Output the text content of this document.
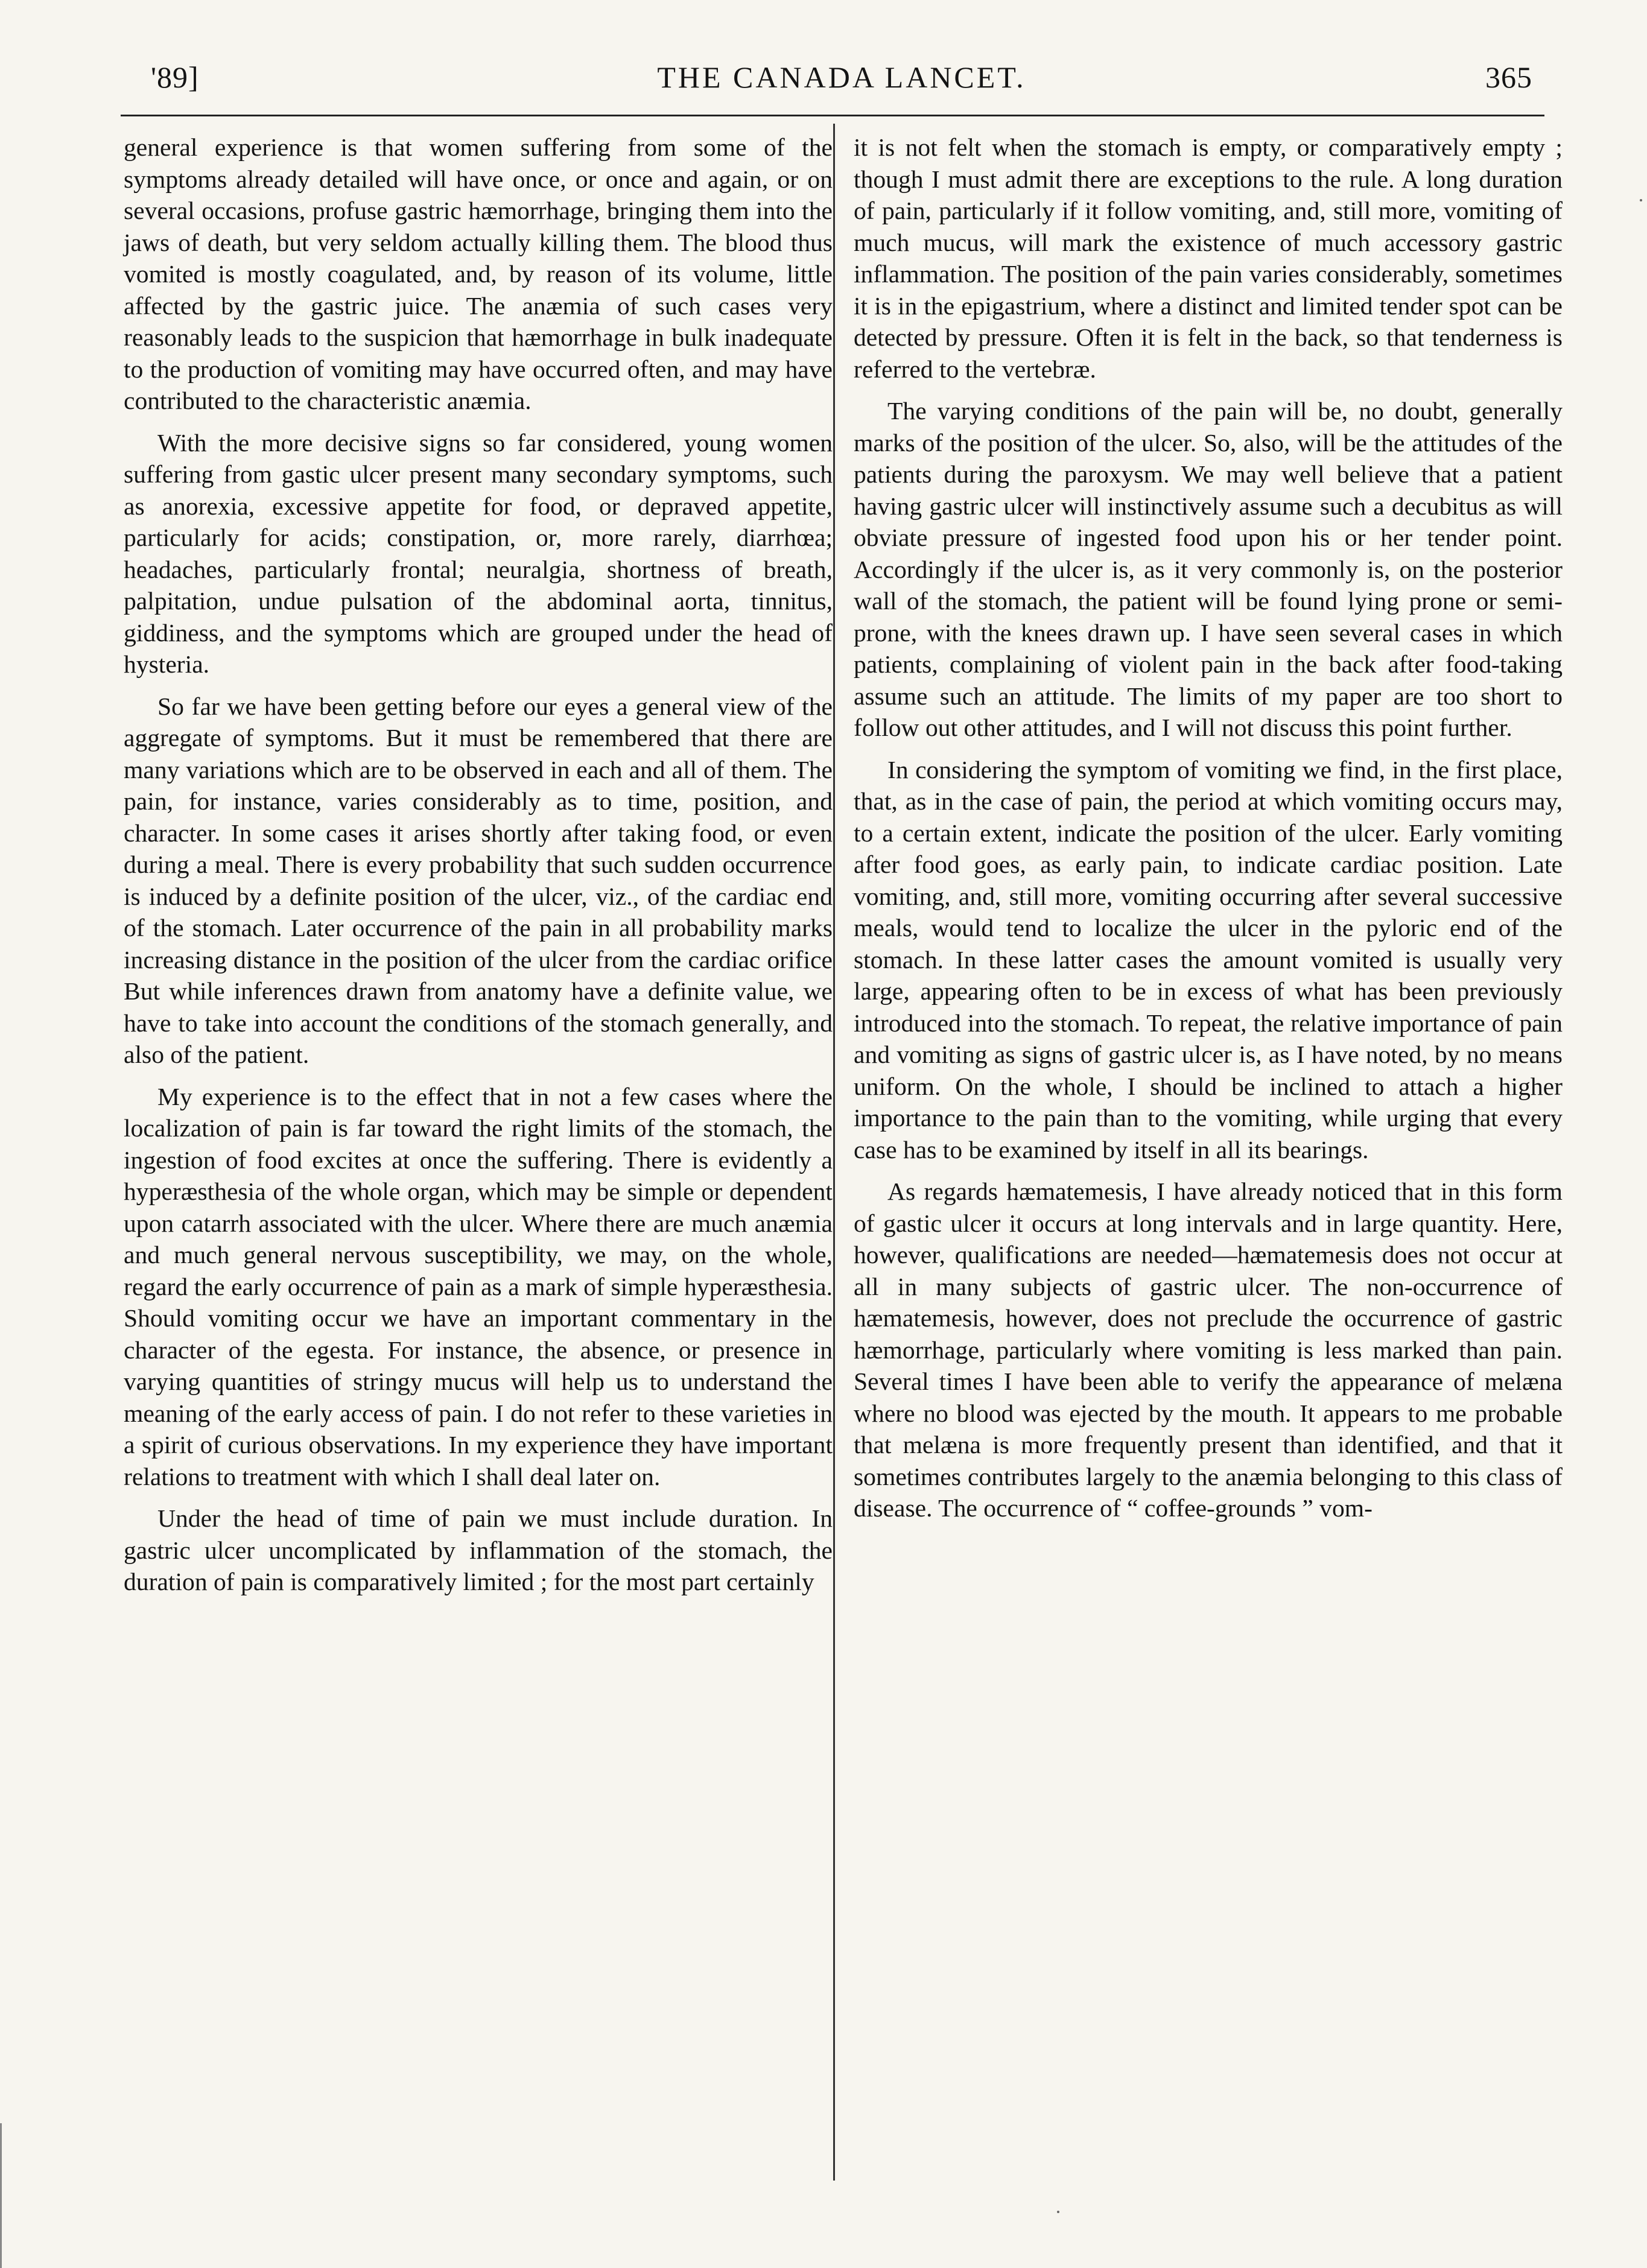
'89]	THE CANADA LANCET.	365

general experience is that women suffering from some of the symptoms already detailed will have once, or once and again, or on several occasions, profuse gastric hæmorrhage, bringing them into the jaws of death, but very seldom actually killing them. The blood thus vomited is mostly coagulated, and, by reason of its volume, little affected by the gastric juice. The anæmia of such cases very reasonably leads to the suspicion that hæmorrhage in bulk inadequate to the production of vomiting may have occurred often, and may have contributed to the characteristic anæmia.

With the more decisive signs so far considered, young women suffering from gastic ulcer present many secondary symptoms, such as anorexia, excessive appetite for food, or depraved appetite, particularly for acids; constipation, or, more rarely, diarrhœa; headaches, particularly frontal; neuralgia, shortness of breath, palpitation, undue pulsation of the abdominal aorta, tinnitus, giddiness, and the symptoms which are grouped under the head of hysteria.

So far we have been getting before our eyes a general view of the aggregate of symptoms. But it must be remembered that there are many variations which are to be observed in each and all of them. The pain, for instance, varies considerably as to time, position, and character. In some cases it arises shortly after taking food, or even during a meal. There is every probability that such sudden occurrence is induced by a definite position of the ulcer, viz., of the cardiac end of the stomach. Later occurrence of the pain in all probability marks increasing distance in the position of the ulcer from the cardiac orifice But while inferences drawn from anatomy have a definite value, we have to take into account the conditions of the stomach generally, and also of the patient.

My experience is to the effect that in not a few cases where the localization of pain is far toward the right limits of the stomach, the ingestion of food excites at once the suffering. There is evidently a hyperæsthesia of the whole organ, which may be simple or dependent upon catarrh associated with the ulcer. Where there are much anæmia and much general nervous susceptibility, we may, on the whole, regard the early occurrence of pain as a mark of simple hyperæsthesia. Should vomiting occur we have an important commentary in the character of the egesta. For instance, the absence, or presence in varying quantities of stringy mucus will help us to understand the meaning of the early access of pain. I do not refer to these varieties in a spirit of curious observations. In my experience they have important relations to treatment with which I shall deal later on.

Under the head of time of pain we must include duration. In gastric ulcer uncomplicated by inflammation of the stomach, the duration of pain is comparatively limited ; for the most part certainly

it is not felt when the stomach is empty, or comparatively empty ; though I must admit there are exceptions to the rule. A long duration of pain, particularly if it follow vomiting, and, still more, vomiting of much mucus, will mark the existence of much accessory gastric inflammation. The position of the pain varies considerably, sometimes it is in the epigastrium, where a distinct and limited tender spot can be detected by pressure. Often it is felt in the back, so that tenderness is referred to the vertebræ.

The varying conditions of the pain will be, no doubt, generally marks of the position of the ulcer. So, also, will be the attitudes of the patients during the paroxysm. We may well believe that a patient having gastric ulcer will instinctively assume such a decubitus as will obviate pressure of ingested food upon his or her tender point. Accordingly if the ulcer is, as it very commonly is, on the posterior wall of the stomach, the patient will be found lying prone or semi-prone, with the knees drawn up. I have seen several cases in which patients, complaining of violent pain in the back after food-taking assume such an attitude. The limits of my paper are too short to follow out other attitudes, and I will not discuss this point further.

In considering the symptom of vomiting we find, in the first place, that, as in the case of pain, the period at which vomiting occurs may, to a certain extent, indicate the position of the ulcer. Early vomiting after food goes, as early pain, to indicate cardiac position. Late vomiting, and, still more, vomiting occurring after several successive meals, would tend to localize the ulcer in the pyloric end of the stomach. In these latter cases the amount vomited is usually very large, appearing often to be in excess of what has been previously introduced into the stomach. To repeat, the relative importance of pain and vomiting as signs of gastric ulcer is, as I have noted, by no means uniform. On the whole, I should be inclined to attach a higher importance to the pain than to the vomiting, while urging that every case has to be examined by itself in all its bearings.

As regards hæmatemesis, I have already noticed that in this form of gastic ulcer it occurs at long intervals and in large quantity. Here, however, qualifications are needed—hæmatemesis does not occur at all in many subjects of gastric ulcer. The non-occurrence of hæmatemesis, however, does not preclude the occurrence of gastric hæmorrhage, particularly where vomiting is less marked than pain. Several times I have been able to verify the appearance of melæna where no blood was ejected by the mouth. It appears to me probable that melæna is more frequently present than identified, and that it sometimes contributes largely to the anæmia belonging to this class of disease. The occurrence of “ coffee-grounds ” vom-
